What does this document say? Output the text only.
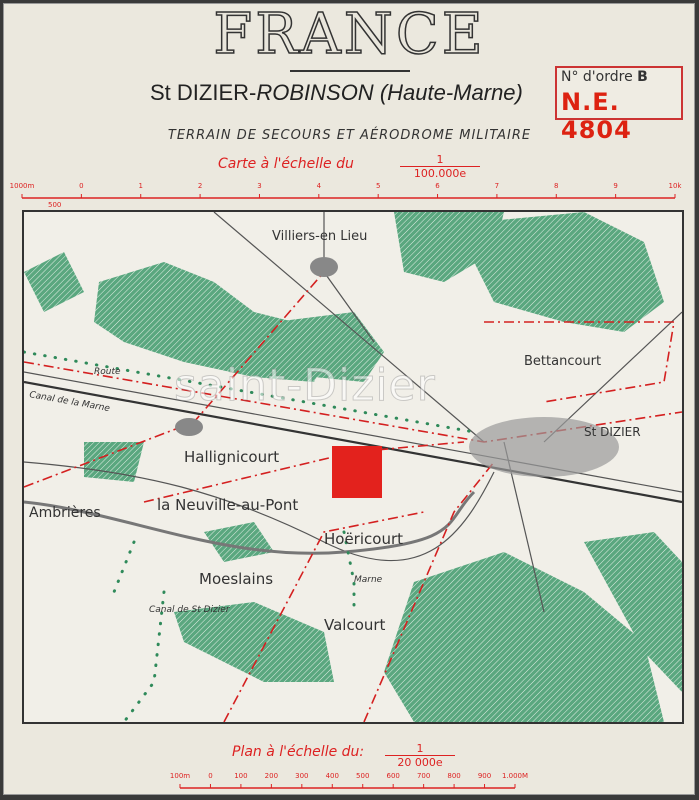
FRANCE
St DIZIER-ROBINSON (Haute-Marne)
N° d'ordre B
N.E. 4804
TERRAIN DE SECOURS ET AÉRODROME MILITAIRE
Carte à l'échelle du	$\frac{1}{100.000e}$
1000m	0	1	2	3	4	5	6	7	8	9	10k
500
Villiers-en Lieu
Bettancourt
St DIZIER
Hallignicourt
la Neuville-au-Pont
Ambrières
Hoëricourt
Moeslains
Valcourt
Canal de la Marne
Canal de St Dizier
Marne
Route saint-Dizier
Plan à l'échelle du: $\frac{1}{20 000e}$
100m	0	100 200 300 400 500 600 700 800 900 1.000M
